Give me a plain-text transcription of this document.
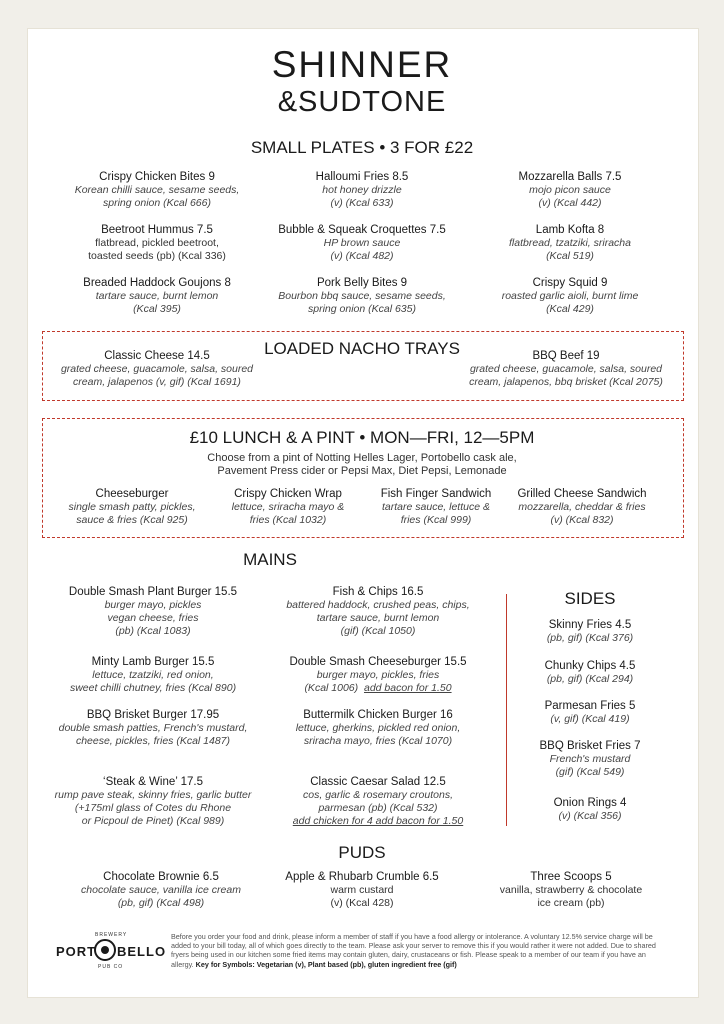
SHINNER
&SUDTONE
SMALL PLATES • 3 FOR £22
Crispy Chicken Bites 9
Korean chilli sauce, sesame seeds,
spring onion (Kcal 666)
Halloumi Fries 8.5
hot honey drizzle
(v) (Kcal 633)
Mozzarella Balls 7.5
mojo picon sauce
(v) (Kcal 442)
Beetroot Hummus 7.5
flatbread, pickled beetroot,
toasted seeds (pb) (Kcal 336)
Bubble & Squeak Croquettes 7.5
HP brown sauce
(v) (Kcal 482)
Lamb Kofta 8
flatbread, tzatziki, sriracha
(Kcal 519)
Breaded Haddock Goujons 8
tartare sauce, burnt lemon
(Kcal 395)
Pork Belly Bites 9
Bourbon bbq sauce, sesame seeds,
spring onion (Kcal 635)
Crispy Squid 9
roasted garlic aioli, burnt lime
(Kcal 429)
LOADED NACHO TRAYS
Classic Cheese 14.5
grated cheese, guacamole, salsa, soured
cream, jalapenos (v, gif) (Kcal 1691)
BBQ Beef 19
grated cheese, guacamole, salsa, soured
cream, jalapenos, bbq brisket (Kcal 2075)
£10 LUNCH & A PINT • MON—FRI, 12—5PM
Choose from a pint of Notting Helles Lager, Portobello cask ale,
Pavement Press cider or Pepsi Max, Diet Pepsi, Lemonade
Cheeseburger
single smash patty, pickles,
sauce & fries (Kcal 925)
Crispy Chicken Wrap
lettuce, sriracha mayo &
fries (Kcal 1032)
Fish Finger Sandwich
tartare sauce, lettuce &
fries (Kcal 999)
Grilled Cheese Sandwich
mozzarella, cheddar & fries
(v) (Kcal 832)
MAINS
Double Smash Plant Burger 15.5
burger mayo, pickles
vegan cheese, fries
(pb) (Kcal 1083)
Fish & Chips 16.5
battered haddock, crushed peas, chips,
tartare sauce, burnt lemon
(gif) (Kcal 1050)
Minty Lamb Burger 15.5
lettuce, tzatziki, red onion,
sweet chilli chutney, fries (Kcal 890)
Double Smash Cheeseburger 15.5
burger mayo, pickles, fries
(Kcal 1006) add bacon for 1.50
BBQ Brisket Burger 17.95
double smash patties, French's mustard,
cheese, pickles, fries (Kcal 1487)
Buttermilk Chicken Burger 16
lettuce, gherkins, pickled red onion,
sriracha mayo, fries (Kcal 1070)
‘Steak & Wine’ 17.5
rump pave steak, skinny fries, garlic butter
(+175ml glass of Cotes du Rhone
or Picpoul de Pinet) (Kcal 989)
Classic Caesar Salad 12.5
cos, garlic & rosemary croutons,
parmesan (pb) (Kcal 532)
add chicken for 4 add bacon for 1.50
SIDES
Skinny Fries 4.5
(pb, gif) (Kcal 376)
Chunky Chips 4.5
(pb, gif) (Kcal 294)
Parmesan Fries 5
(v, gif) (Kcal 419)
BBQ Brisket Fries 7
French's mustard
(gif) (Kcal 549)
Onion Rings 4
(v) (Kcal 356)
PUDS
Chocolate Brownie 6.5
chocolate sauce, vanilla ice cream
(pb, gif) (Kcal 498)
Apple & Rhubarb Crumble 6.5
warm custard
(v) (Kcal 428)
Three Scoops 5
vanilla, strawberry & chocolate
ice cream (pb)
BREWERY
PORT BELLO
PUB CO
Before you order your food and drink, please inform a member of staff if you have a food allergy or intolerance. A voluntary 12.5% service charge will be added to your bill today, all of which goes directly to the team. Please ask your server to remove this if you would rather it were not added. Due to shared fryers being used in our kitchen some fried items may contain gluten, dairy, crustaceans or fish. Please speak to a member of our team if you have an allergy. Key for Symbols: Vegetarian (v), Plant based (pb), gluten ingredient free (gif)
